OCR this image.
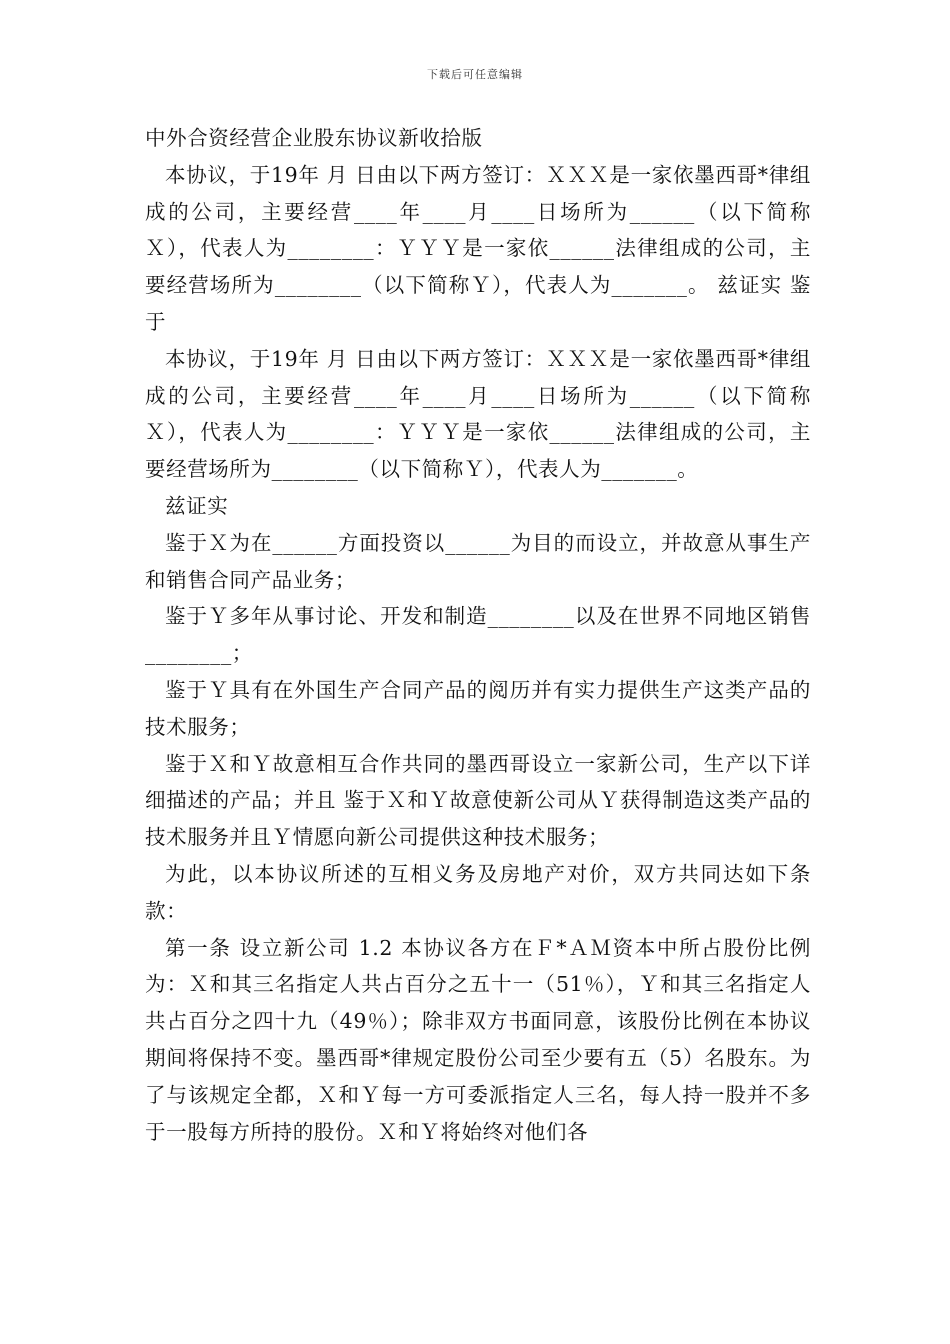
下载后可任意编辑
中外合资经营企业股东协议新收拾版

本协议，于19年 月 日由以下两方签订：ＸＸＸ是一家依墨西哥*律组成的公司，主要经营____年____月____日场所为______（以下简称Ｘ），代表人为________：ＹＹＹ是一家依______法律组成的公司，主要经营场所为________（以下简称Ｙ），代表人为_______。 兹证实 鉴于

本协议，于19年 月 日由以下两方签订：ＸＸＸ是一家依墨西哥*律组成的公司，主要经营____年____月____日场所为______（以下简称Ｘ），代表人为________：ＹＹＹ是一家依______法律组成的公司，主要经营场所为________（以下简称Ｙ），代表人为_______。

兹证实

鉴于Ｘ为在______方面投资以______为目的而设立，并故意从事生产和销售合同产品业务；

鉴于Ｙ多年从事讨论、开发和制造________以及在世界不同地区销售________；

鉴于Ｙ具有在外国生产合同产品的阅历并有实力提供生产这类产品的技术服务；

鉴于Ｘ和Ｙ故意相互合作共同的墨西哥设立一家新公司，生产以下详细描述的产品；并且 鉴于Ｘ和Ｙ故意使新公司从Ｙ获得制造这类产品的技术服务并且Ｙ情愿向新公司提供这种技术服务；

为此，以本协议所述的互相义务及房地产对价，双方共同达如下条款：

第一条 设立新公司 1.2 本协议各方在Ｆ*ＡＭ资本中所占股份比例为：Ｘ和其三名指定人共占百分之五十一（51％），Ｙ和其三名指定人共占百分之四十九（49％）；除非双方书面同意，该股份比例在本协议期间将保持不变。墨西哥*律规定股份公司至少要有五（5）名股东。为了与该规定全都，Ｘ和Ｙ每一方可委派指定人三名，每人持一股并不多于一股每方所持的股份。Ｘ和Ｙ将始终对他们各
